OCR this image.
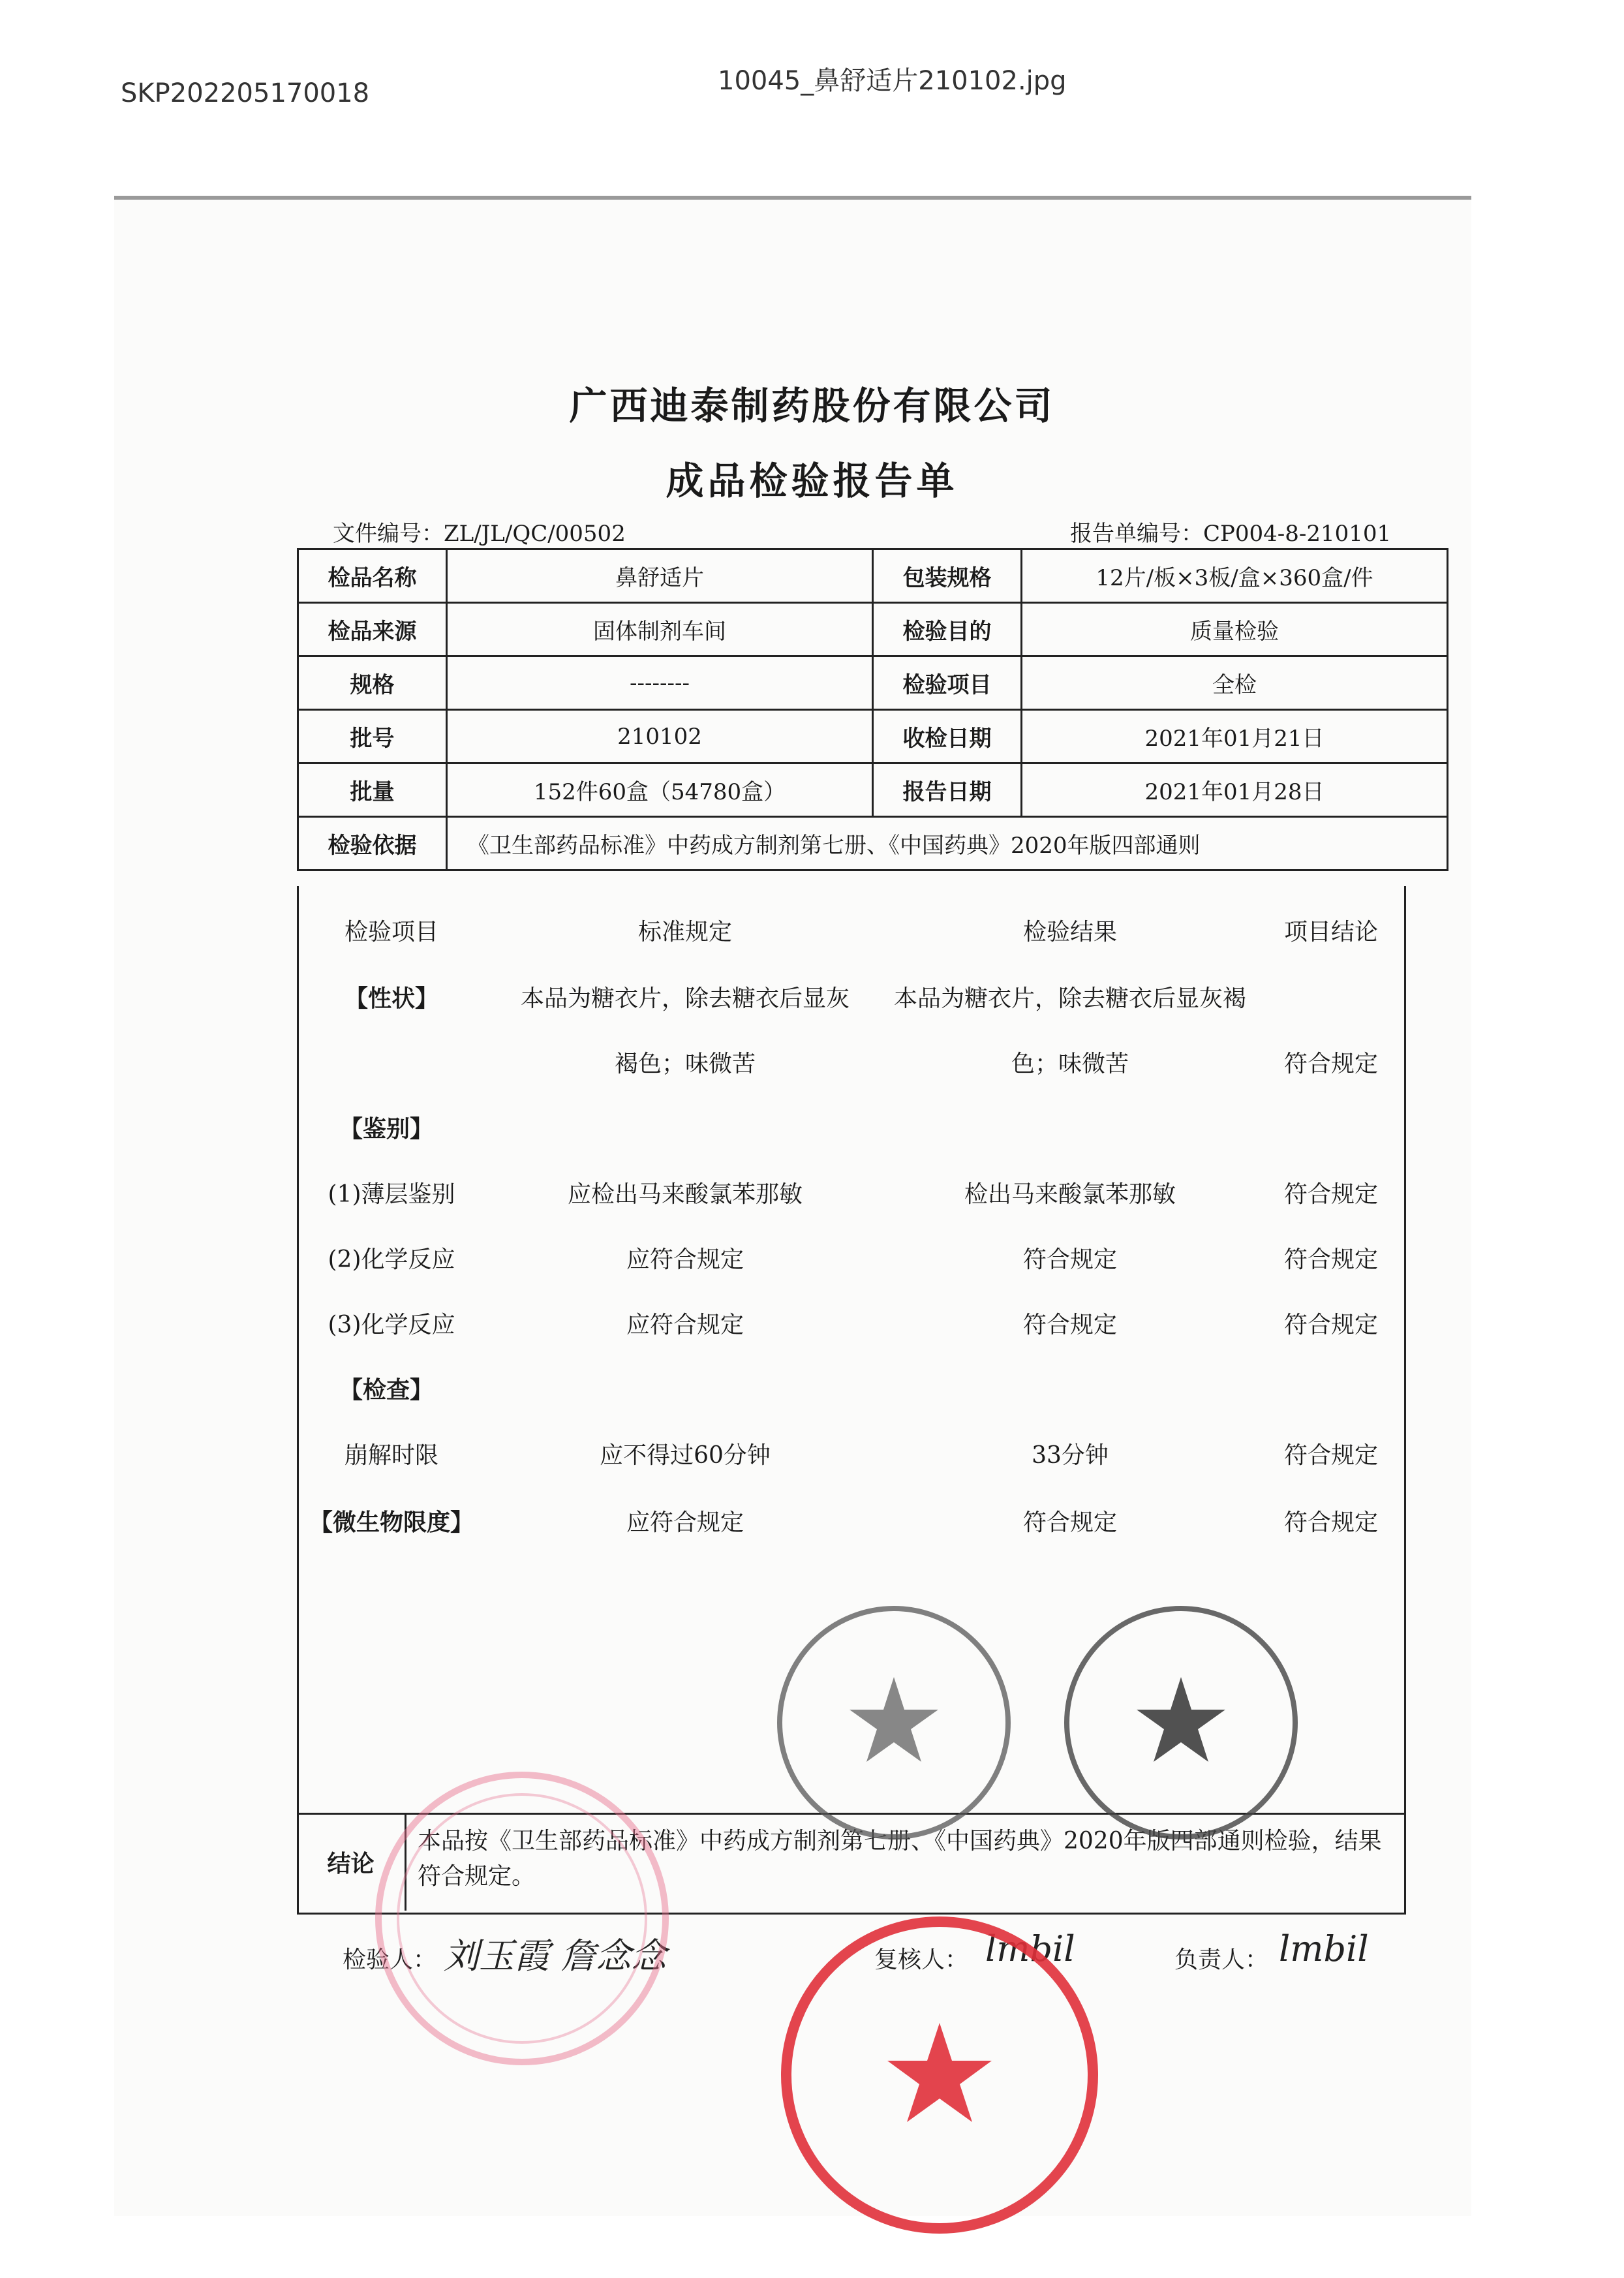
SKP202205170018	10045_鼻舒适片210102.jpg
广西迪泰制药股份有限公司
成品检验报告单
文件编号：ZL/JL/QC/00502	报告单编号：CP004-8-210101
检品名称	鼻舒适片	包装规格	12片/板×3板/盒×360盒/件
检品来源	固体制剂车间	检验目的	质量检验
规格	--------	检验项目	全检
批号	210102	收检日期	2021年01月21日
批量	152件60盒（54780盒）	报告日期	2021年01月28日
检验依据	《卫生部药品标准》中药成方制剂第七册、《中国药典》2020年版四部通则		
检验项目	标准规定	检验结果	项目结论
【性状】	本品为糖衣片，除去糖衣后显灰	本品为糖衣片，除去糖衣后显灰褐
褐色；味微苦	色；味微苦	符合规定
【鉴别】
(1)薄层鉴别	应检出马来酸氯苯那敏	检出马来酸氯苯那敏	符合规定
(2)化学反应	应符合规定	符合规定	符合规定
(3)化学反应	应符合规定	符合规定	符合规定
【检查】
崩解时限	应不得过60分钟	33分钟	符合规定
【微生物限度】	应符合规定	符合规定	符合规定
结论
本品按《卫生部药品标准》中药成方制剂第七册、《中国药典》2020年版四部通则检验，结果符合规定。
检验人： 刘玉霞 詹念念	复核人： lmbil	负责人： lmbil
